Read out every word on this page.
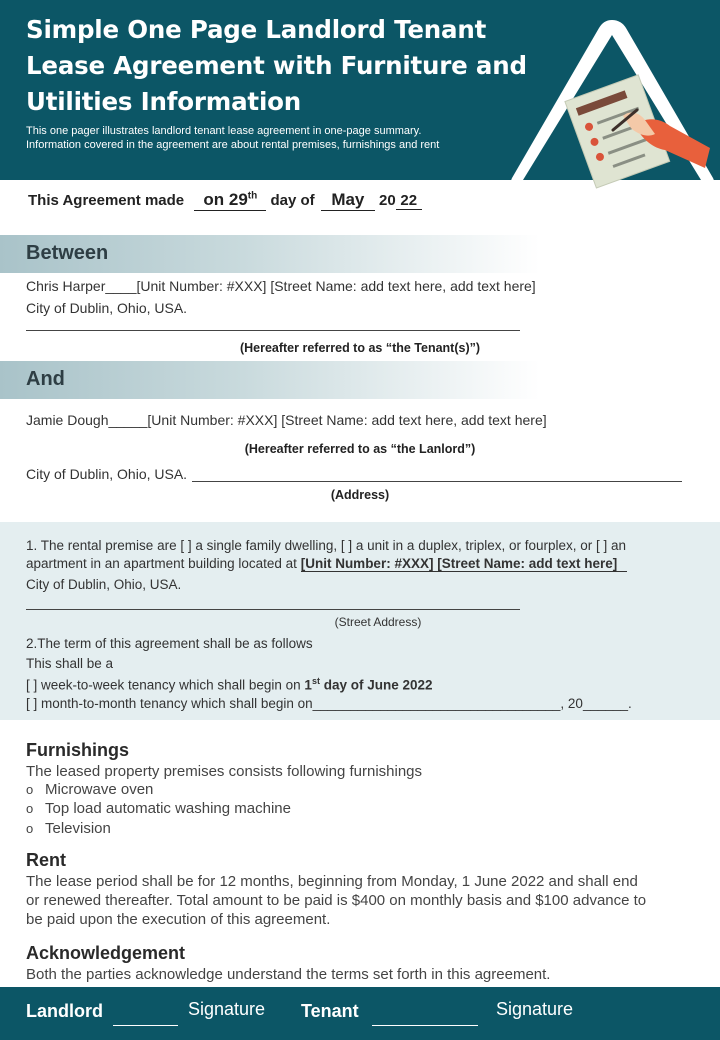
Simple One Page Landlord Tenant
Lease Agreement with Furniture and
Utilities Information
This one pager illustrates landlord tenant lease agreement in one-page summary.
Information covered in the agreement are about rental premises, furnishings and rent
This Agreement made on 29th day of May 20 22
Between
Chris Harper____[Unit Number: #XXX] [Street Name: add text here, add text here]
City of Dublin, Ohio, USA.
(Hereafter referred to as “the Tenant(s)”)
And
Jamie Dough_____[Unit Number: #XXX] [Street Name: add text here, add text here]
(Hereafter referred to as “the Lanlord”)
City of Dublin, Ohio, USA.
(Address)
1. The rental premise are [ ] a single family dwelling, [ ] a unit in a duplex, triplex, or fourplex, or [ ] an
apartment in an apartment building located at [Unit Number: #XXX] [Street Name: add text here]
City of Dublin, Ohio, USA.
(Street Address)
2.The term of this agreement shall be as follows
This shall be a
[ ] week-to-week tenancy which shall begin on 1st day of June 2022
[ ] month-to-month tenancy which shall begin on_________________________________, 20______.
Furnishings
The leased property premises consists following furnishings
o Microwave oven
o Top load automatic washing machine
o Television
Rent
The lease period shall be for 12 months, beginning from Monday, 1 June 2022 and shall end
or renewed thereafter. Total amount to be paid is $400 on monthly basis and $100 advance to
be paid upon the execution of this agreement.
Acknowledgement
Both the parties acknowledge understand the terms set forth in this agreement.
Landlord	Signature Tenant	Signature
